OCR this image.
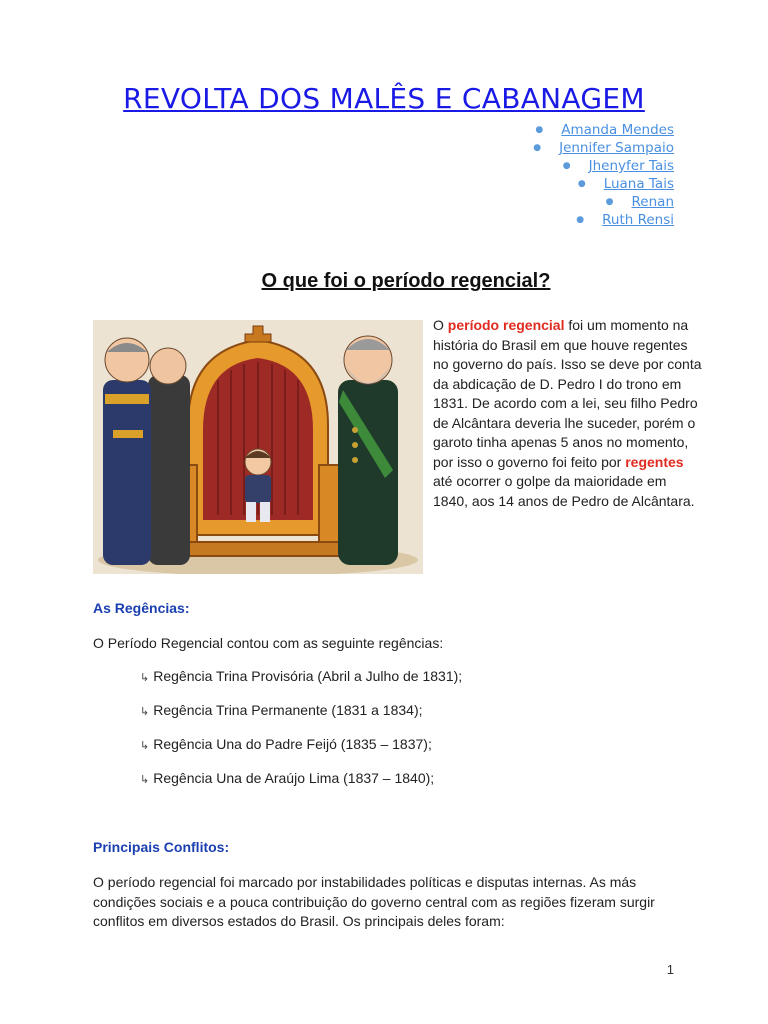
REVOLTA DOS MALÊS E CABANAGEM
● Amanda Mendes
● Jennifer Sampaio
● Jhenyfer Tais
● Luana Tais
● Renan
● Ruth Rensi
O que foi o período regencial?

O período regencial foi um momento na história do Brasil em que houve regentes no governo do país. Isso se deve por conta da abdicação de D. Pedro I do trono em 1831. De acordo com a lei, seu filho Pedro de Alcântara deveria lhe suceder, porém o garoto tinha apenas 5 anos no momento, por isso o governo foi feito por regentes até ocorrer o golpe da maioridade em 1840, aos 14 anos de Pedro de Alcântara.

As Regências:

O Período Regencial contou com as seguinte regências:

↳ Regência Trina Provisória (Abril a Julho de 1831);
↳ Regência Trina Permanente (1831 a 1834);
↳ Regência Una do Padre Feijó (1835 – 1837);
↳ Regência Una de Araújo Lima (1837 – 1840);
Principais Conflitos:

O período regencial foi marcado por instabilidades políticas e disputas internas. As más condições sociais e a pouca contribuição do governo central com as regiões fizeram surgir conflitos em diversos estados do Brasil. Os principais deles foram:

1
